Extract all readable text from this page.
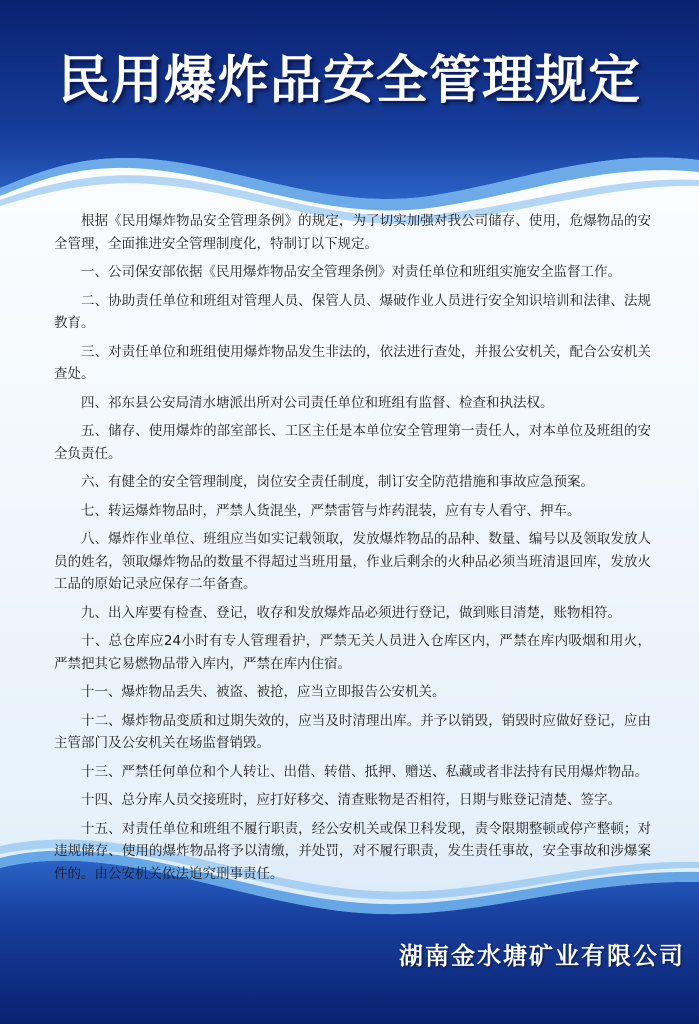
民用爆炸品安全管理规定

根据《民用爆炸物品安全管理条例》的规定，为了切实加强对我公司储存、使用，危爆物品的安全管理，全面推进安全管理制度化，特制订以下规定。

一、公司保安部依据《民用爆炸物品安全管理条例》对责任单位和班组实施安全监督工作。

二、协助责任单位和班组对管理人员、保管人员、爆破作业人员进行安全知识培训和法律、法规教育。

三、对责任单位和班组使用爆炸物品发生非法的，依法进行查处，并报公安机关，配合公安机关查处。

四、祁东县公安局清水塘派出所对公司责任单位和班组有监督、检查和执法权。

五、储存、使用爆炸的部室部长、工区主任是本单位安全管理第一责任人，对本单位及班组的安全负责任。

六、有健全的安全管理制度，岗位安全责任制度，制订安全防范措施和事故应急预案。

七、转运爆炸物品时，严禁人货混坐，严禁雷管与炸药混装，应有专人看守、押车。

八、爆炸作业单位、班组应当如实记载领取，发放爆炸物品的品种、数量、编号以及领取发放人员的姓名，领取爆炸物品的数量不得超过当班用量，作业后剩余的火种品必须当班清退回库，发放火工品的原始记录应保存二年备查。

九、出入库要有检查、登记，收存和发放爆炸品必须进行登记，做到账目清楚，账物相符。

十、总仓库应24小时有专人管理看护，严禁无关人员进入仓库区内，严禁在库内吸烟和用火，严禁把其它易燃物品带入库内，严禁在库内住宿。

十一、爆炸物品丢失、被盗、被抢，应当立即报告公安机关。

十二、爆炸物品变质和过期失效的，应当及时清理出库。并予以销毁，销毁时应做好登记，应由主管部门及公安机关在场监督销毁。

十三、严禁任何单位和个人转让、出借、转借、抵押、赠送、私藏或者非法持有民用爆炸物品。

十四、总分库人员交接班时，应打好移交、清查账物是否相符，日期与账登记清楚、签字。

十五、对责任单位和班组不履行职责，经公安机关或保卫科发现，责令限期整顿或停产整顿；对违规储存、使用的爆炸物品将予以清缴，并处罚，对不履行职责，发生责任事故，安全事故和涉爆案件的。由公安机关依法追究刑事责任。

湖南金水塘矿业有限公司
